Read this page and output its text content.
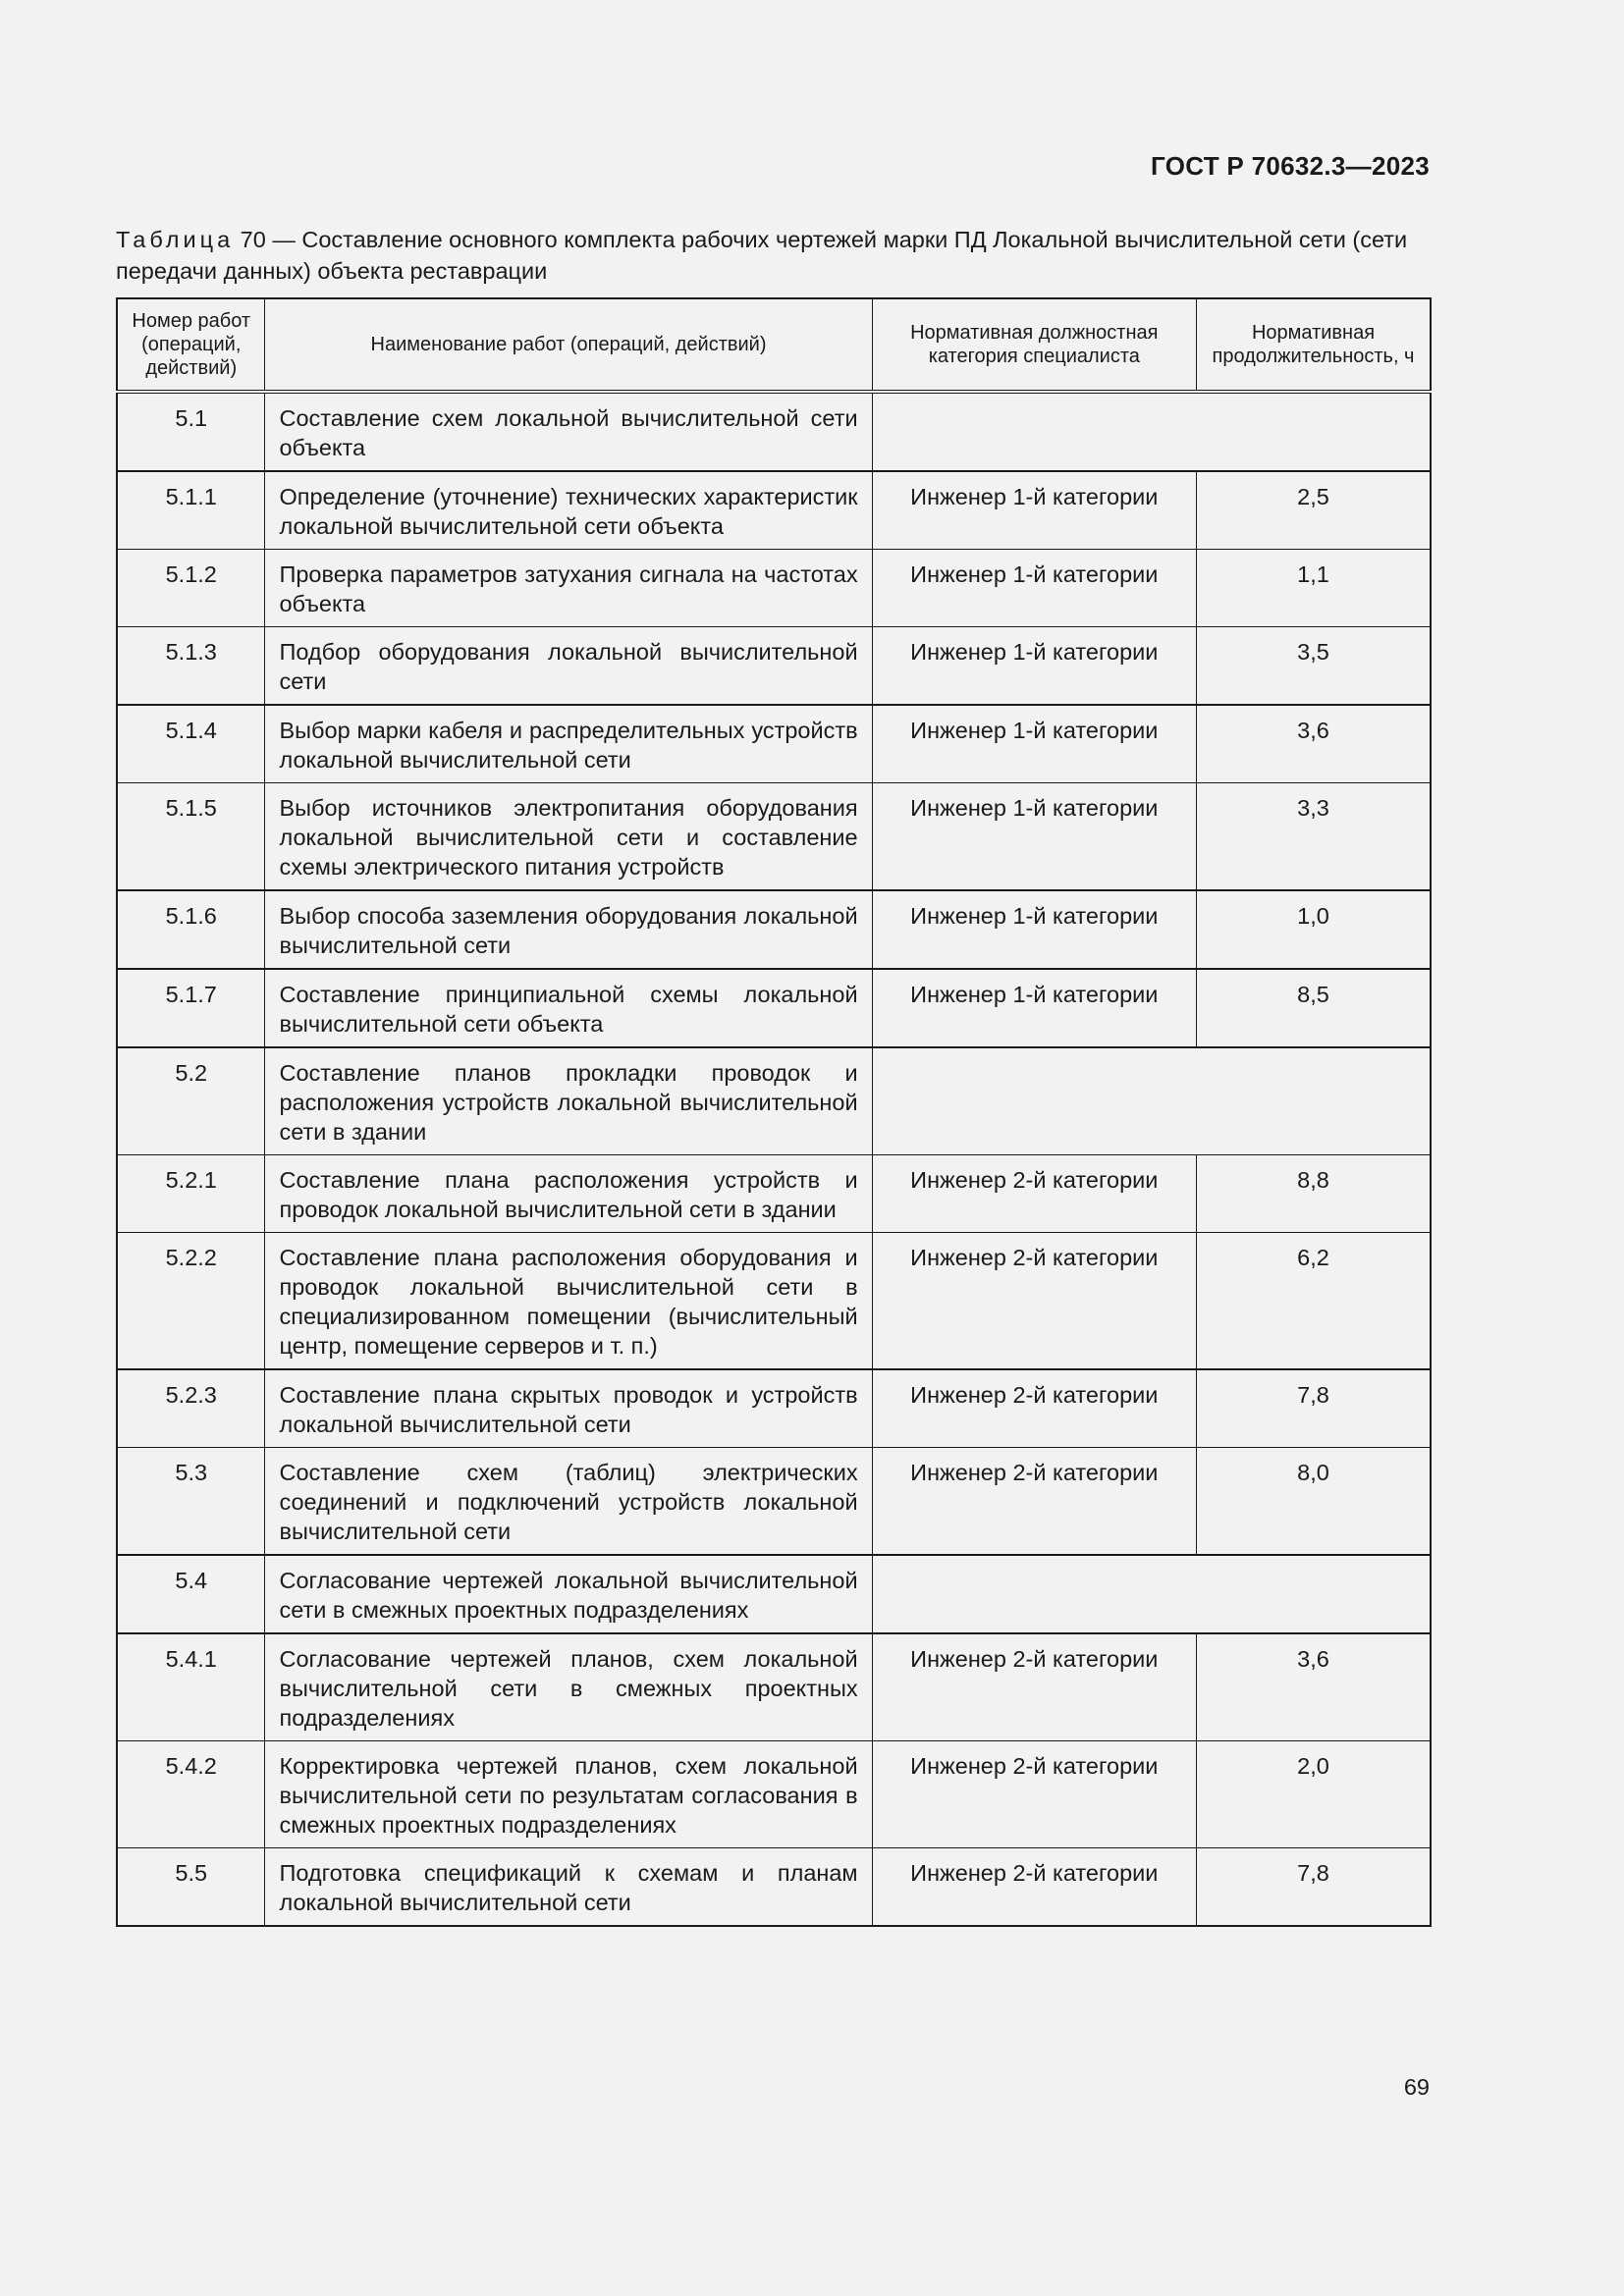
ГОСТ Р 70632.3—2023
Таблица 70 — Составление основного комплекта рабочих чертежей марки ПД Локальной вычислительной сети (сети передачи данных) объекта реставрации
Номер работ (операций, действий)	Наименование работ (операций, действий)	Нормативная должностная категория специалиста	Нормативная продолжительность, ч
5.1	Составление схем локальной вычислительной сети объекта		
5.1.1	Определение (уточнение) технических характеристик локальной вычислительной сети объекта	Инженер 1-й категории	2,5
5.1.2	Проверка параметров затухания сигнала на частотах объекта	Инженер 1-й категории	1,1
5.1.3	Подбор оборудования локальной вычислительной сети	Инженер 1-й категории	3,5
5.1.4	Выбор марки кабеля и распределительных устройств локальной вычислительной сети	Инженер 1-й категории	3,6
5.1.5	Выбор источников электропитания оборудования локальной вычислительной сети и составление схемы электрического питания устройств	Инженер 1-й категории	3,3
5.1.6	Выбор способа заземления оборудования локальной вычислительной сети	Инженер 1-й категории	1,0
5.1.7	Составление принципиальной схемы локальной вычислительной сети объекта	Инженер 1-й категории	8,5
5.2	Составление планов прокладки проводок и расположения устройств локальной вычислительной сети в здании		
5.2.1	Составление плана расположения устройств и проводок локальной вычислительной сети в здании	Инженер 2-й категории	8,8
5.2.2	Составление плана расположения оборудования и проводок локальной вычислительной сети в специализированном помещении (вычислительный центр, помещение серверов и т. п.)	Инженер 2-й категории	6,2
5.2.3	Составление плана скрытых проводок и устройств локальной вычислительной сети	Инженер 2-й категории	7,8
5.3	Составление схем (таблиц) электрических соединений и подключений устройств локальной вычислительной сети	Инженер 2-й категории	8,0
5.4	Согласование чертежей локальной вычислительной сети в смежных проектных подразделениях		
5.4.1	Согласование чертежей планов, схем локальной вычислительной сети в смежных проектных подразделениях	Инженер 2-й категории	3,6
5.4.2	Корректировка чертежей планов, схем локальной вычислительной сети по результатам согласования в смежных проектных подразделениях	Инженер 2-й категории	2,0
5.5	Подготовка спецификаций к схемам и планам локальной вычислительной сети	Инженер 2-й категории	7,8
69
